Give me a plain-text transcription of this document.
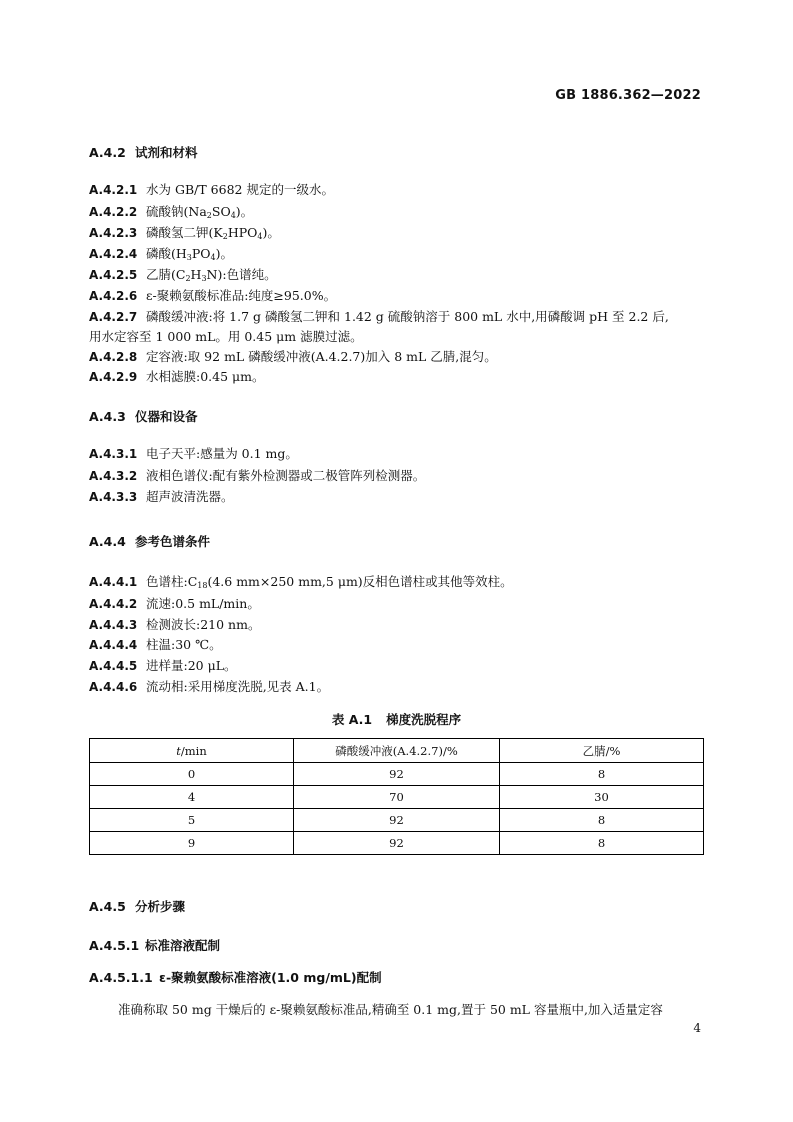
GB 1886.362—2022
A.4.2 试剂和材料
A.4.2.1 水为 GB/T 6682 规定的一级水。
A.4.2.2 硫酸钠$(Na_2SO_4)$。
A.4.2.3 磷酸氢二钾$(K_2HPO_4)$。
A.4.2.4 磷酸$(H_3PO_4)$。
A.4.2.5 乙腈$(C_2H_3N)$:色谱纯。
A.4.2.6 ε-聚赖氨酸标准品:纯度≥95.0%。
A.4.2.7 磷酸缓冲液:将 1.7 g 磷酸氢二钾和 1.42 g 硫酸钠溶于 800 mL 水中,用磷酸调 pH 至 2.2 后,
用水定容至 1 000 mL。用 0.45 μm 滤膜过滤。
A.4.2.8 定容液:取 92 mL 磷酸缓冲液(A.4.2.7)加入 8 mL 乙腈,混匀。
A.4.2.9 水相滤膜:0.45 μm。
A.4.3 仪器和设备
A.4.3.1 电子天平:感量为 0.1 mg。
A.4.3.2 液相色谱仪:配有紫外检测器或二极管阵列检测器。
A.4.3.3 超声波清洗器。
A.4.4 参考色谱条件
A.4.4.1 色谱柱$:C_{18}(4.6$ mm×250 mm,5 μm)反相色谱柱或其他等效柱。
A.4.4.2 流速:0.5 mL/min。
A.4.4.3 检测波长:210 nm。
A.4.4.4 柱温:30 ℃。
A.4.4.5 进样量:20 μL。
A.4.4.6 流动相:采用梯度洗脱,见表 A.1。
表 A.1 梯度洗脱程序
t/min	磷酸缓冲液(A.4.2.7)/%	乙腈/%
0	92	8
4	70	30
5	92	8
9	92	8
A.4.5 分析步骤
A.4.5.1 标准溶液配制
A.4.5.1.1 ε-聚赖氨酸标准溶液(1.0 mg/mL)配制
准确称取 50 mg 干燥后的 ε-聚赖氨酸标准品,精确至 0.1 mg,置于 50 mL 容量瓶中,加入适量定容
4
